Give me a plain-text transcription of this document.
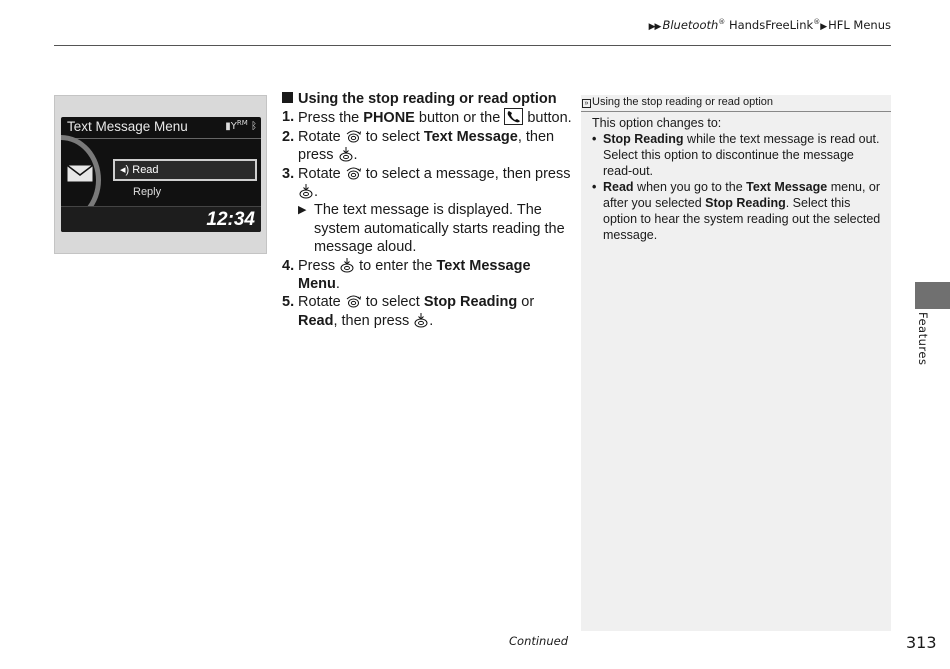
▶▶ Bluetooth® HandsFreeLink®▶ HFL Menus
Text Message Menu	$▮Y^{RM}$ ᛒ
◂) Read
Reply
12:34
Using the stop reading or read option
1. Press the PHONE button or the
button.
2. Rotate  to select Text Message, then press .
3. Rotate  to select a message, then press .
▶ The text message is displayed. The system automatically starts reading the message aloud.
4. Press  to enter the Text Message Menu.
5. Rotate  to select Stop Reading or Read, then press .
» Using the stop reading or read option
This option changes to:
• Stop Reading while the text message is read out. Select this option to discontinue the message read-out.
• Read when you go to the Text Message menu, or after you selected Stop Reading. Select this option to hear the system reading out the selected message.
Features
Continued	313
